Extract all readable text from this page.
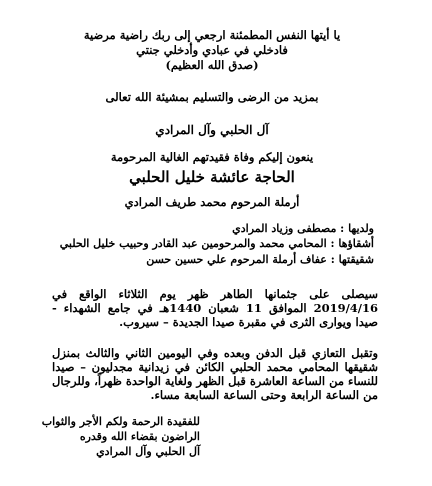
يا أيتها النفس المطمئنة ارجعي إلى ربك راضية مرضية
فادخلي في عبادي وأدخلي جنتي
(صدق الله العظيم)
بمزيد من الرضى والتسليم بمشيئة الله تعالى
آل الحلبي وآل المرادي
ينعون إليكم وفاة فقيدتهم الغالية المرحومة
الحاجة عائشة خليل الحلبي
أرملة المرحوم محمد طريف المرادي
ولديها : مصطفى وزياد المرادي
أشقاؤها : المحامي محمد والمرحومين عبد القادر وحبيب خليل الحلبي
شقيقتها : عفاف أرملة المرحوم علي حسين حسن
سيصلى على جثمانها الطاهر ظهر يوم الثلاثاء الواقع في 2019/4/16 الموافق 11 شعبان 1440هـ في جامع الشهداء - صيدا ويوارى الثرى في مقبرة صيدا الجديدة – سيروب.
وتقبل التعازي قبل الدفن وبعده وفي اليومين الثاني والثالث بمنزل شقيقها المحامي محمد الحلبي الكائن في زيدانية مجدليون – صيدا للنساء من الساعة العاشرة قبل الظهر ولغاية الواحدة ظهراً، وللرجال من الساعة الرابعة وحتى الساعة السابعة مساء.
للفقيدة الرحمة ولكم الأجر والثواب
الراضون بقضاء الله وقدره
آل الحلبي وآل المرادي
